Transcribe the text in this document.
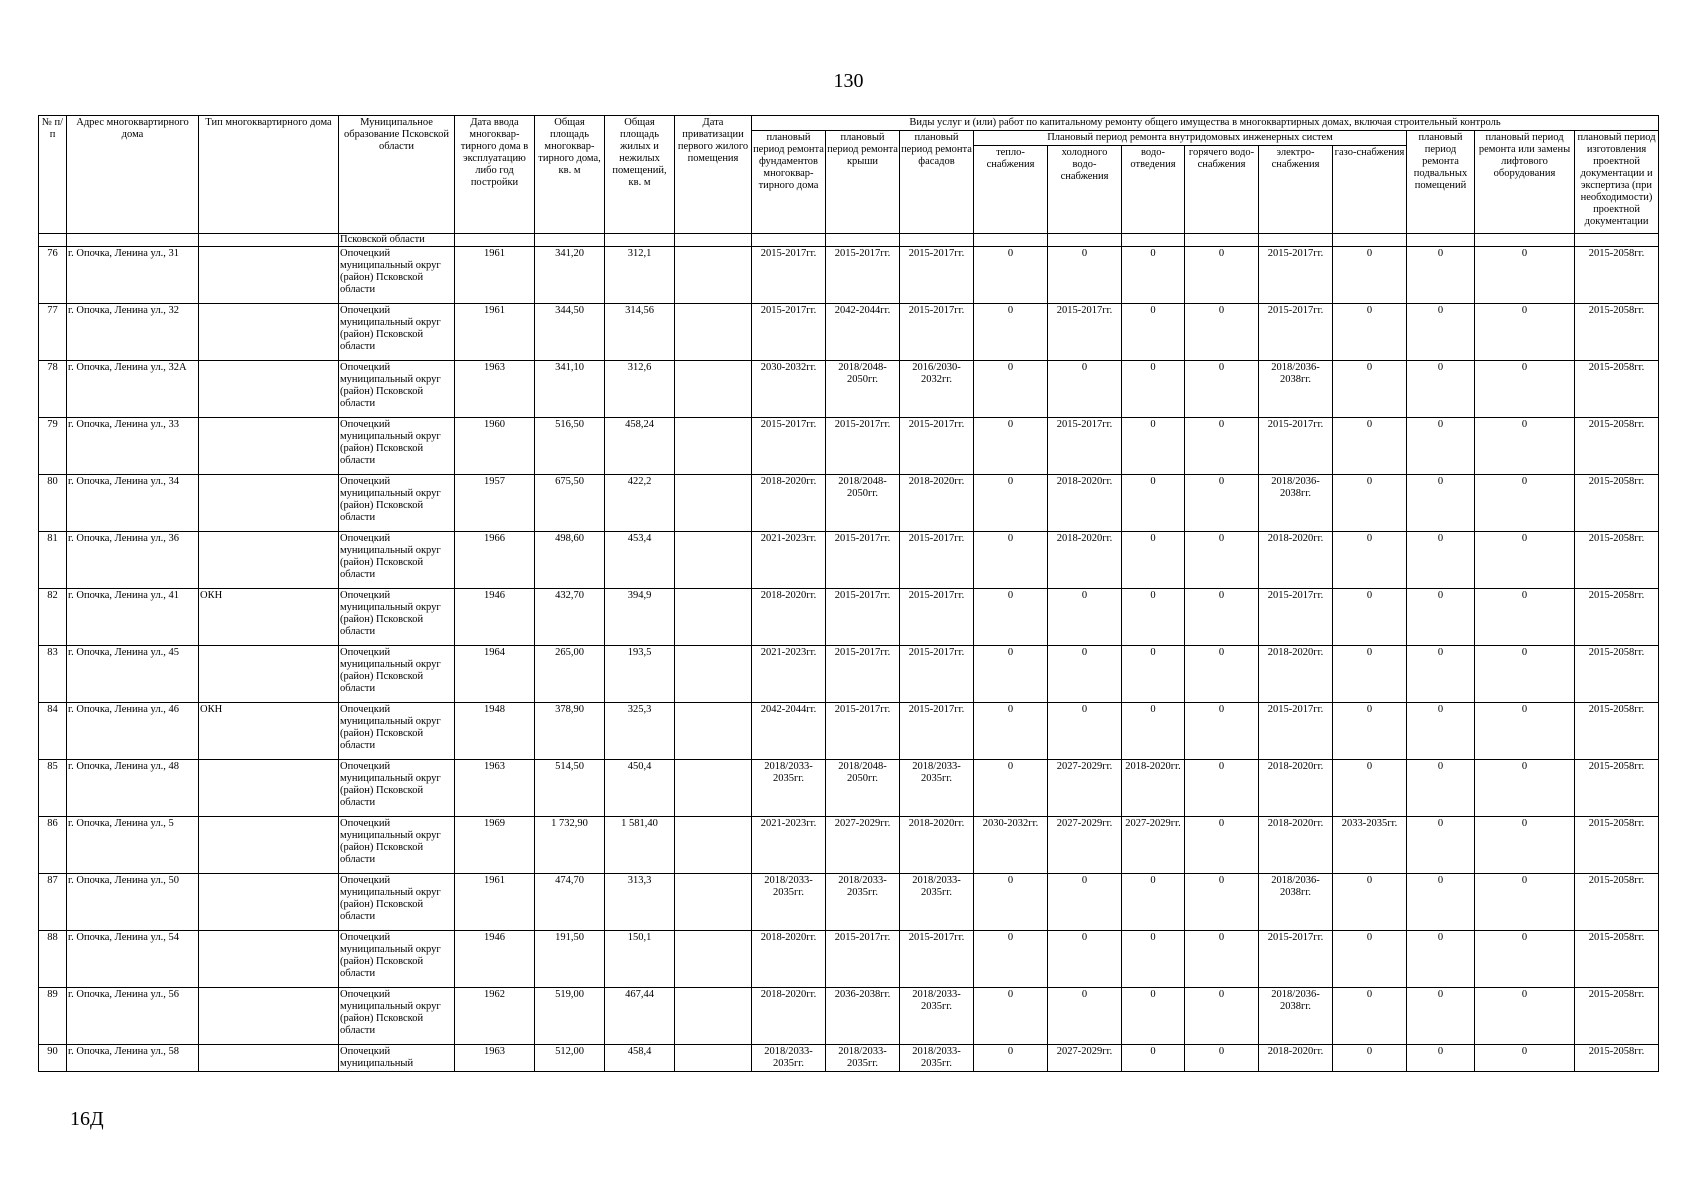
130
№ п/п	Адрес многоквартирного дома	Тип многоквартирного дома	Муниципальное образование Псковской области	Дата ввода многоквар-тирного дома в эксплуатацию либо год постройки	Общая площадь многоквар-тирного дома, кв. м	Общая площадь жилых и нежилых помещений, кв. м	Дата приватизации первого жилого помещения	Виды услуг и (или) работ по капитальному ремонту общего имущества в многоквартирных домах, включая строительный контроль											
								плановый период ремонта фундаментов многоквар-тирного дома	плановый период ремонта крыши	плановый период ремонта фасадов	Плановый период ремонта внутридомовых инженерных систем						плановый период ремонта подвальных помещений	плановый период ремонта или замены лифтового оборудования	плановый период изготовления проектной документации и экспертиза (при необходимости) проектной документации
											тепло-снабжения	холодного водо-снабжения	водо-отведения	горячего водо-снабжения	электро-снабжения	газо-снабжения			
			Псковской области																
76	г. Опочка, Ленина ул., 31		Опочецкий муниципальный округ (район) Псковской области	1961	341,20	312,1		2015-2017гг.	2015-2017гг.	2015-2017гг.	0	0	0	0	2015-2017гг.	0	0	0	2015-2058гг.
77	г. Опочка, Ленина ул., 32		Опочецкий муниципальный округ (район) Псковской области	1961	344,50	314,56		2015-2017гг.	2042-2044гг.	2015-2017гг.	0	2015-2017гг.	0	0	2015-2017гг.	0	0	0	2015-2058гг.
78	г. Опочка, Ленина ул., 32А		Опочецкий муниципальный округ (район) Псковской области	1963	341,10	312,6		2030-2032гг.	2018/2048-2050гг.	2016/2030-2032гг.	0	0	0	0	2018/2036-2038гг.	0	0	0	2015-2058гг.
79	г. Опочка, Ленина ул., 33		Опочецкий муниципальный округ (район) Псковской области	1960	516,50	458,24		2015-2017гг.	2015-2017гг.	2015-2017гг.	0	2015-2017гг.	0	0	2015-2017гг.	0	0	0	2015-2058гг.
80	г. Опочка, Ленина ул., 34		Опочецкий муниципальный округ (район) Псковской области	1957	675,50	422,2		2018-2020гг.	2018/2048-2050гг.	2018-2020гг.	0	2018-2020гг.	0	0	2018/2036-2038гг.	0	0	0	2015-2058гг.
81	г. Опочка, Ленина ул., 36		Опочецкий муниципальный округ (район) Псковской области	1966	498,60	453,4		2021-2023гг.	2015-2017гг.	2015-2017гг.	0	2018-2020гг.	0	0	2018-2020гг.	0	0	0	2015-2058гг.
82	г. Опочка, Ленина ул., 41	ОКН	Опочецкий муниципальный округ (район) Псковской области	1946	432,70	394,9		2018-2020гг.	2015-2017гг.	2015-2017гг.	0	0	0	0	2015-2017гг.	0	0	0	2015-2058гг.
83	г. Опочка, Ленина ул., 45		Опочецкий муниципальный округ (район) Псковской области	1964	265,00	193,5		2021-2023гг.	2015-2017гг.	2015-2017гг.	0	0	0	0	2018-2020гг.	0	0	0	2015-2058гг.
84	г. Опочка, Ленина ул., 46	ОКН	Опочецкий муниципальный округ (район) Псковской области	1948	378,90	325,3		2042-2044гг.	2015-2017гг.	2015-2017гг.	0	0	0	0	2015-2017гг.	0	0	0	2015-2058гг.
85	г. Опочка, Ленина ул., 48		Опочецкий муниципальный округ (район) Псковской области	1963	514,50	450,4		2018/2033-2035гг.	2018/2048-2050гг.	2018/2033-2035гг.	0	2027-2029гг.	2018-2020гг.	0	2018-2020гг.	0	0	0	2015-2058гг.
86	г. Опочка, Ленина ул., 5		Опочецкий муниципальный округ (район) Псковской области	1969	1 732,90	1 581,40		2021-2023гг.	2027-2029гг.	2018-2020гг.	2030-2032гг.	2027-2029гг.	2027-2029гг.	0	2018-2020гг.	2033-2035гг.	0	0	2015-2058гг.
87	г. Опочка, Ленина ул., 50		Опочецкий муниципальный округ (район) Псковской области	1961	474,70	313,3		2018/2033-2035гг.	2018/2033-2035гг.	2018/2033-2035гг.	0	0	0	0	2018/2036-2038гг.	0	0	0	2015-2058гг.
88	г. Опочка, Ленина ул., 54		Опочецкий муниципальный округ (район) Псковской области	1946	191,50	150,1		2018-2020гг.	2015-2017гг.	2015-2017гг.	0	0	0	0	2015-2017гг.	0	0	0	2015-2058гг.
89	г. Опочка, Ленина ул., 56		Опочецкий муниципальный округ (район) Псковской области	1962	519,00	467,44		2018-2020гг.	2036-2038гг.	2018/2033-2035гг.	0	0	0	0	2018/2036-2038гг.	0	0	0	2015-2058гг.
90	г. Опочка, Ленина ул., 58		Опочецкий муниципальный	1963	512,00	458,4		2018/2033-2035гг.	2018/2033-2035гг.	2018/2033-2035гг.	0	2027-2029гг.	0	0	2018-2020гг.	0	0	0	2015-2058гг.
16Д
